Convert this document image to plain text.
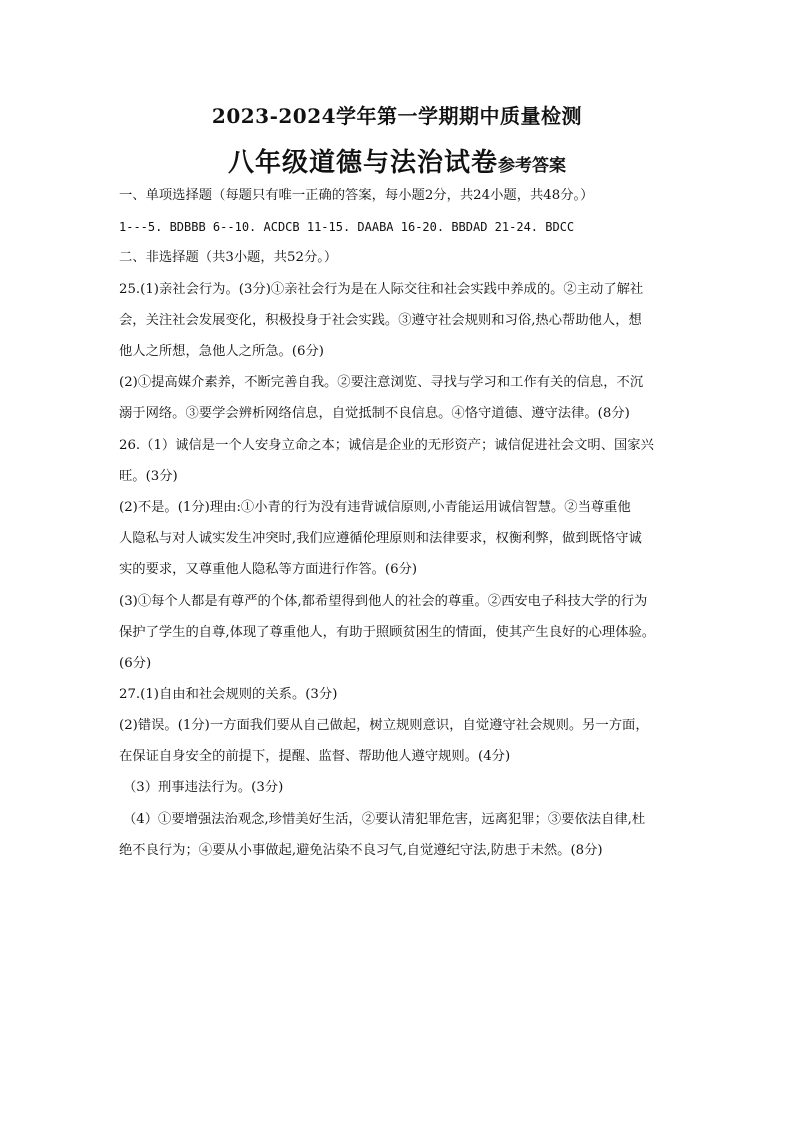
2023-2024学年第一学期期中质量检测
八年级道德与法治试卷参考答案
一、单项选择题（每题只有唯一正确的答案，每小题2分，共24小题，共48分。）
1---5. BDBBB 6--10. ACDCB 11-15. DAABA 16-20. BBDAD 21-24. BDCC
二、非选择题（共3小题，共52分。）
25.(1)亲社会行为。(3分)①亲社会行为是在人际交往和社会实践中养成的。②主动了解社
会，关注社会发展变化，积极投身于社会实践。③遵守社会规则和习俗,热心帮助他人，想
他人之所想，急他人之所急。(6分)
(2)①提高媒介素养，不断完善自我。②要注意浏览、寻找与学习和工作有关的信息，不沉
溺于网络。③要学会辨析网络信息，自觉抵制不良信息。④恪守道德、遵守法律。(8分)
26.（1）诚信是一个人安身立命之本；诚信是企业的无形资产；诚信促进社会文明、国家兴
旺。(3分)
(2)不是。(1分)理由:①小青的行为没有违背诚信原则,小青能运用诚信智慧。②当尊重他
人隐私与对人诚实发生冲突时,我们应遵循伦理原则和法律要求，权衡利弊，做到既恪守诚
实的要求，又尊重他人隐私等方面进行作答。(6分)
(3)①每个人都是有尊严的个体,都希望得到他人的社会的尊重。②西安电子科技大学的行为
保护了学生的自尊,体现了尊重他人，有助于照顾贫困生的情面，使其产生良好的心理体验。
(6分)
27.(1)自由和社会规则的关系。(3分)
(2)错误。(1分)一方面我们要从自己做起，树立规则意识，自觉遵守社会规则。另一方面，
在保证自身安全的前提下，提醒、监督、帮助他人遵守规则。(4分)
（3）刑事违法行为。(3分)
（4）①要增强法治观念,珍惜美好生活，②要认清犯罪危害，远离犯罪；③要依法自律,杜
绝不良行为；④要从小事做起,避免沾染不良习气,自觉遵纪守法,防患于未然。(8分)
